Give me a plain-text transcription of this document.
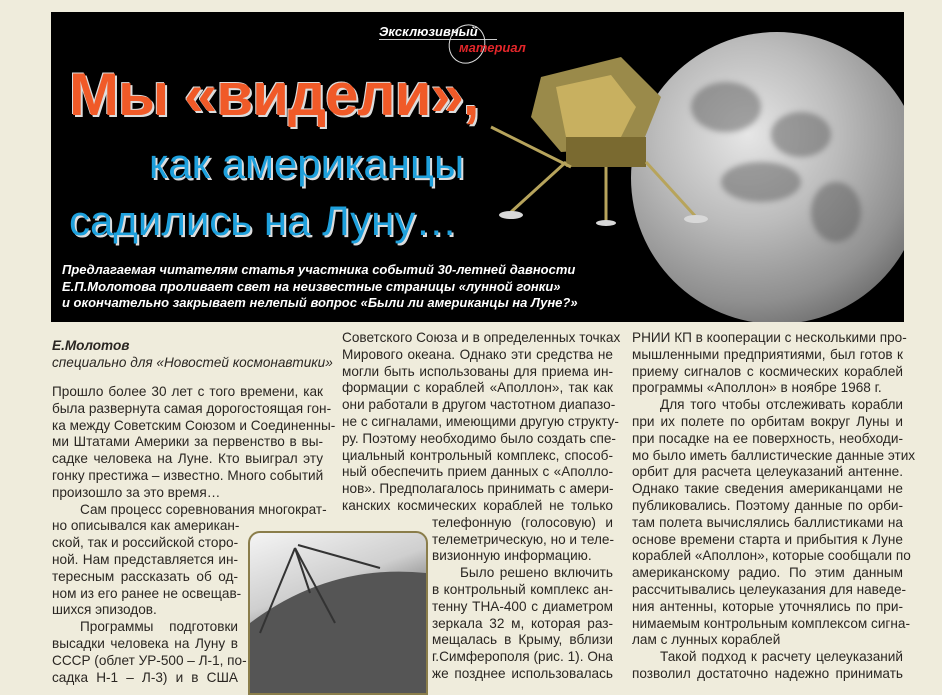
Эксклюзивный
материал
Мы «видели»,
как американцы
садились на Луну…
Предлагаемая читателям статья участника событий 30-летней давности
Е.П.Молотова проливает свет на неизвестные страницы «лунной гонки»
и окончательно закрывает нелепый вопрос «Были ли американцы на Луне?»
Е.Молотов
специально для «Новостей космонавтики»
Прошло более 30 лет с того времени, как
была развернута самая дорогостоящая гон-
ка между Советским Союзом и Соединенны-
ми Штатами Америки за первенство в вы-
садке человека на Луне. Кто выиграл эту
гонку престижа – известно. Много событий
произошло за это время…
Сам процесс соревнования многократ-
но описывался как американ-
ской, так и российской сторо-
ной. Нам представляется ин-
тересным рассказать об од-
ном из его ранее не освещав-
шихся эпизодов.
Программы подготовки
высадки человека на Луну в
СССР (облет УР-500 – Л-1, по-
садка Н-1 – Л-3) и в США
Советского Союза и в определенных точках
Мирового океана. Однако эти средства не
могли быть использованы для приема ин-
формации с кораблей «Аполлон», так как
они работали в другом частотном диапазо-
не с сигналами, имеющими другую структу-
ру. Поэтому необходимо было создать спе-
циальный контрольный комплекс, способ-
ный обеспечить прием данных с «Аполло-
нов». Предполагалось принимать с амери-
канских космических кораблей не только
телефонную (голосовую) и
телеметрическую, но и теле-
визионную информацию.
Было решено включить
в контрольный комплекс ан-
тенну ТНА-400 с диаметром
зеркала 32 м, которая раз-
мещалась в Крыму, вблизи
г.Симферополя (рис. 1). Она
же позднее использовалась
РНИИ КП в кооперации с несколькими про-
мышленными предприятиями, был готов к
приему сигналов с космических кораблей
программы «Аполлон» в ноябре 1968 г.
Для того чтобы отслеживать корабли
при их полете по орбитам вокруг Луны и
при посадке на ее поверхность, необходи-
мо было иметь баллистические данные этих
орбит для расчета целеуказаний антенне.
Однако такие сведения американцами не
публиковались. Поэтому данные по орби-
там полета вычислялись баллистиками на
основе времени старта и прибытия к Луне
кораблей «Аполлон», которые сообщали по
американскому радио. По этим данным
рассчитывались целеуказания для наведе-
ния антенны, которые уточнялись по при-
нимаемым контрольным комплексом сигна-
лам с лунных кораблей
Такой подход к расчету целеуказаний
позволил достаточно надежно принимать
